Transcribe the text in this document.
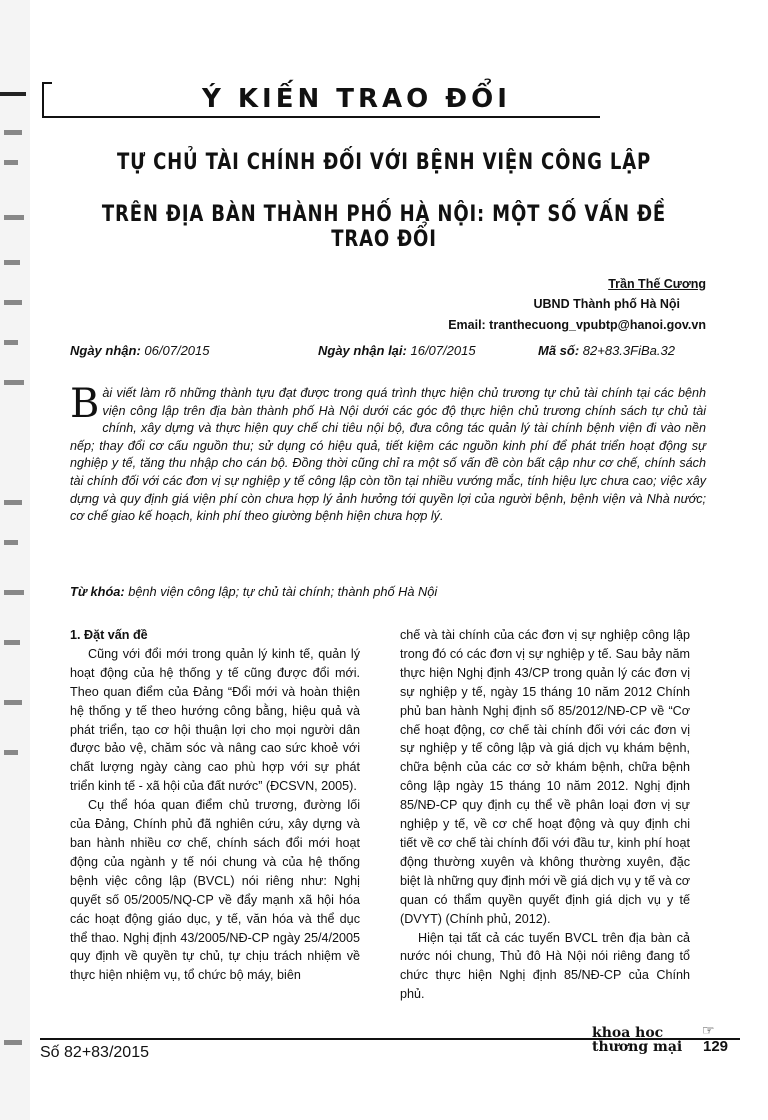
Ý KIẾN TRAO ĐỔI
TỰ CHỦ TÀI CHÍNH ĐỐI VỚI BỆNH VIỆN CÔNG LẬP
TRÊN ĐỊA BÀN THÀNH PHỐ HÀ NỘI: MỘT SỐ VẤN ĐỀ TRAO ĐỔI
Trần Thế Cương
UBND Thành phố Hà Nội
Email: tranthecuong_vpubtp@hanoi.gov.vn
Ngày nhận: 06/07/2015	Ngày nhận lại: 16/07/2015	Mã số: 82+83.3FiBa.32
Bài viết làm rõ những thành tựu đạt được trong quá trình thực hiện chủ trương tự chủ tài chính tại các bệnh viện công lập trên địa bàn thành phố Hà Nội dưới các góc độ thực hiện chủ trương chính sách tự chủ tài chính, xây dựng và thực hiện quy chế chi tiêu nội bộ, đưa công tác quản lý tài chính bệnh viện đi vào nền nếp; thay đổi cơ cấu nguồn thu; sử dụng có hiệu quả, tiết kiệm các nguồn kinh phí để phát triển hoạt động sự nghiệp y tế, tăng thu nhập cho cán bộ. Đồng thời cũng chỉ ra một số vấn đề còn bất cập như cơ chế, chính sách tài chính đối với các đơn vị sự nghiệp y tế công lập còn tồn tại nhiều vướng mắc, tính hiệu lực chưa cao; việc xây dựng và quy định giá viện phí còn chưa hợp lý ảnh hưởng tới quyền lợi của người bệnh, bệnh viện và Nhà nước; cơ chế giao kế hoạch, kinh phí theo giường bệnh hiện chưa hợp lý.
Từ khóa: bệnh viện công lập; tự chủ tài chính; thành phố Hà Nội

1. Đặt vấn đề

Cũng với đổi mới trong quản lý kinh tế, quản lý hoạt động của hệ thống y tế cũng được đổi mới. Theo quan điểm của Đảng “Đổi mới và hoàn thiện hệ thống y tế theo hướng công bằng, hiệu quả và phát triển, tạo cơ hội thuận lợi cho mọi người dân được bảo vệ, chăm sóc và nâng cao sức khoẻ với chất lượng ngày càng cao phù hợp với sự phát triển kinh tế - xã hội của đất nước” (ĐCSVN, 2005).

Cụ thể hóa quan điểm chủ trương, đường lối của Đảng, Chính phủ đã nghiên cứu, xây dựng và ban hành nhiều cơ chế, chính sách đổi mới hoạt động của ngành y tế nói chung và của hệ thống bệnh việc công lập (BVCL) nói riêng như: Nghị quyết số 05/2005/NQ-CP về đẩy mạnh xã hội hóa các hoạt động giáo dục, y tế, văn hóa và thể dục thể thao. Nghị định 43/2005/NĐ-CP ngày 25/4/2005 quy định về quyền tự chủ, tự chịu trách nhiệm về thực hiện nhiệm vụ, tổ chức bộ máy, biên

chế và tài chính của các đơn vị sự nghiệp công lập trong đó có các đơn vị sự nghiệp y tế. Sau bảy năm thực hiện Nghị định 43/CP trong quản lý các đơn vị sự nghiệp y tế, ngày 15 tháng 10 năm 2012 Chính phủ ban hành Nghị định số 85/2012/NĐ-CP về “Cơ chế hoạt động, cơ chế tài chính đối với các đơn vị sự nghiệp y tế công lập và giá dịch vụ khám bệnh, chữa bệnh của các cơ sở khám bệnh, chữa bệnh công lập ngày 15 tháng 10 năm 2012. Nghị định 85/NĐ-CP quy định cụ thể về phân loại đơn vị sự nghiệp y tế, về cơ chế hoạt động và quy định chi tiết về cơ chế tài chính đối với đầu tư, kinh phí hoạt động thường xuyên và không thường xuyên, đặc biệt là những quy định mới về giá dịch vụ y tế và cơ quan có thẩm quyền quyết định giá dịch vụ y tế (DVYT) (Chính phủ, 2012).

Hiện tại tất cả các tuyến BVCL trên địa bàn cả nước nói chung, Thủ đô Hà Nội nói riêng đang tổ chức thực hiện Nghị định 85/NĐ-CP của Chính phủ.

☞
Số 82+83/2015
khoa học
thương mại 129
